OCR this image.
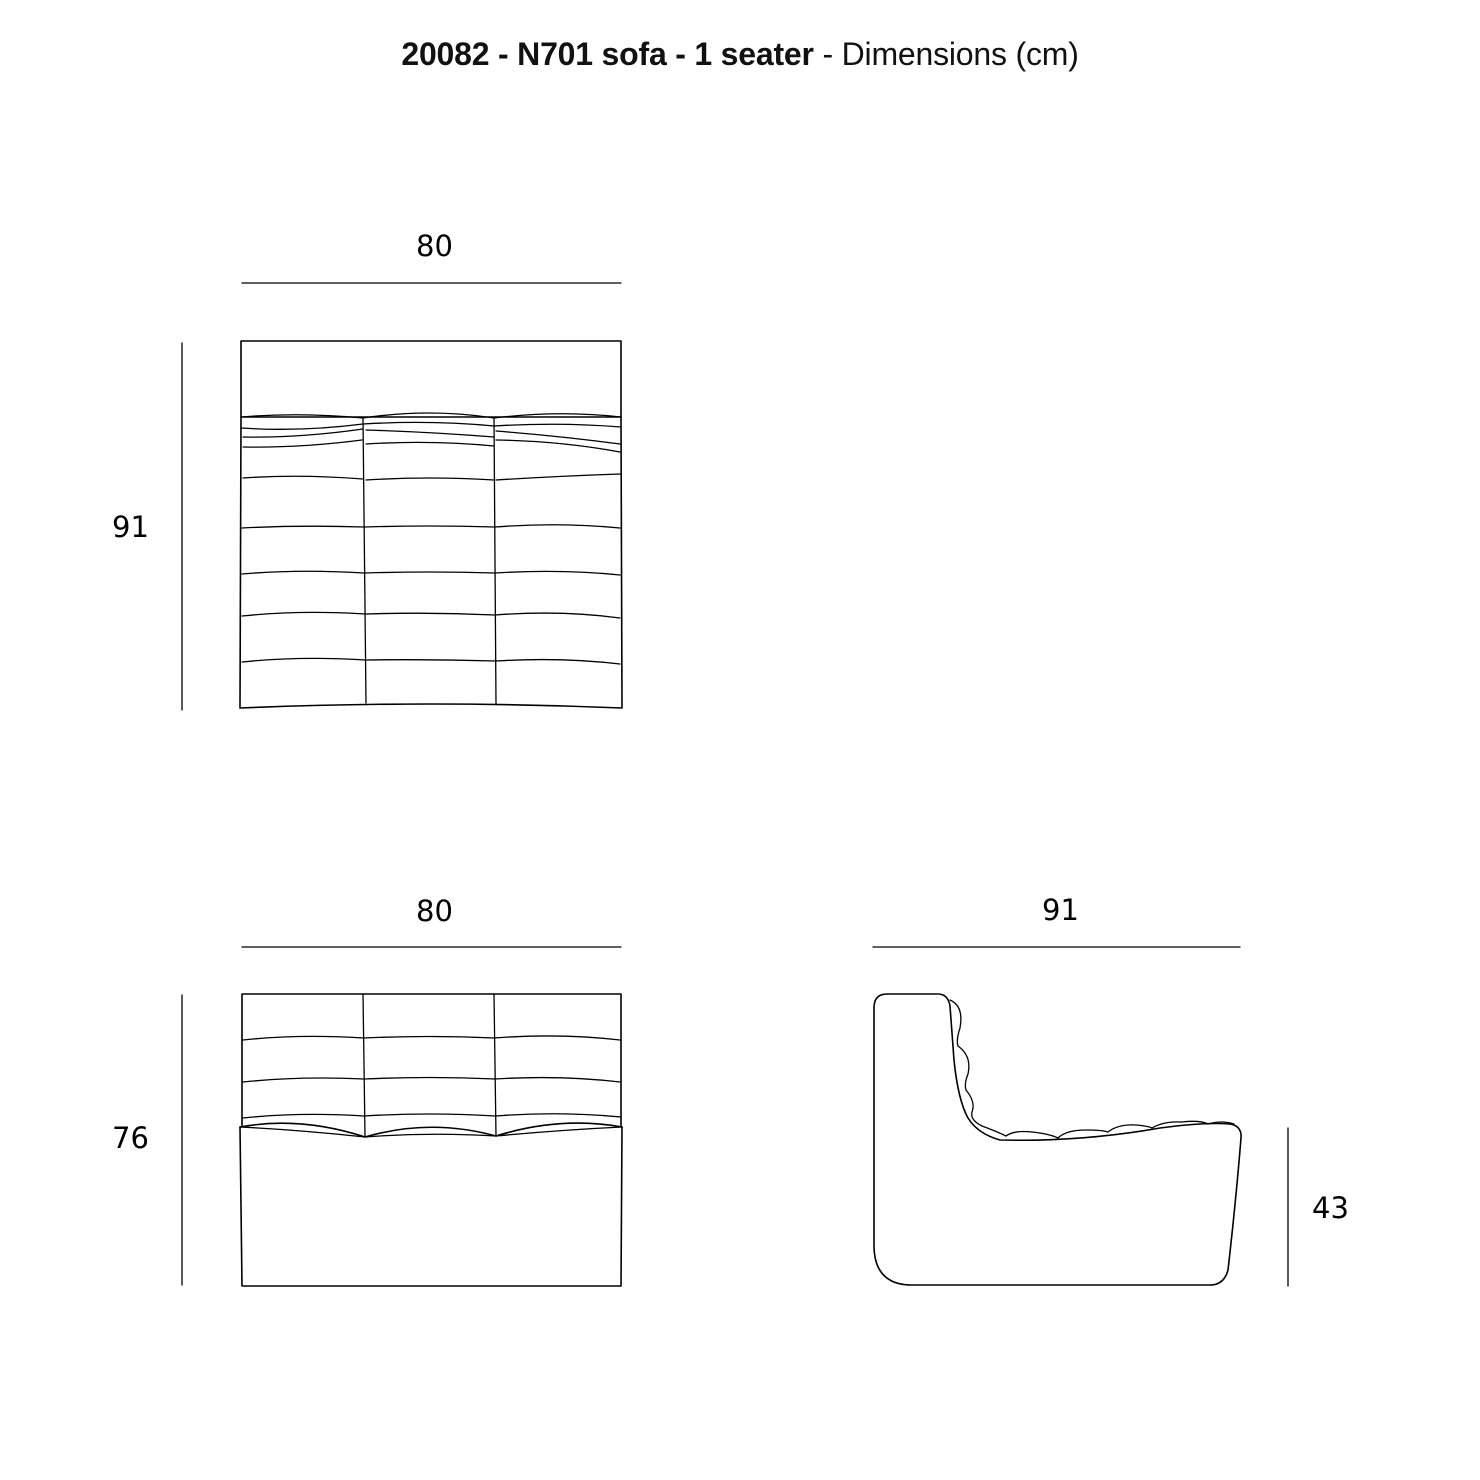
20082 - N701 sofa - 1 seater - Dimensions (cm)
80
91
80
76
91
43
